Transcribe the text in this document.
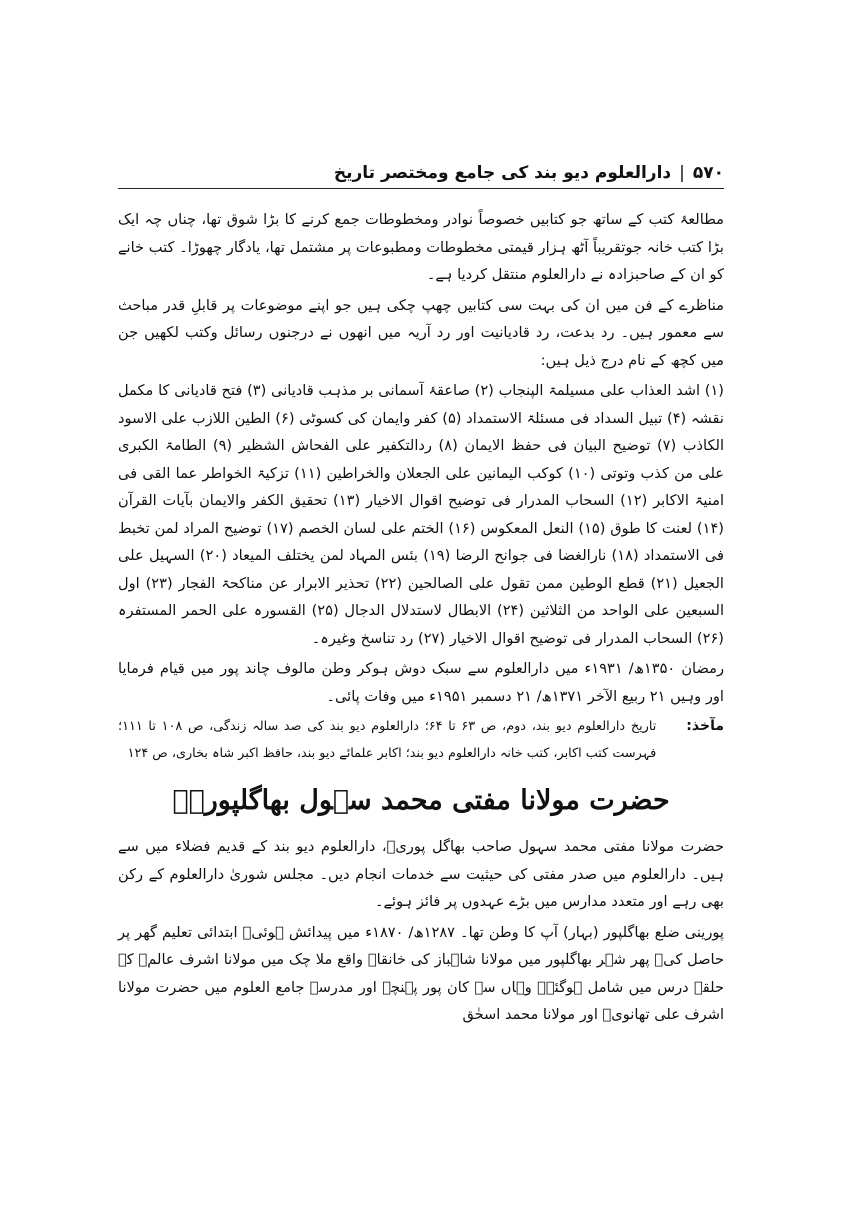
۵۷۰
|
دارالعلوم دیو بند کی جامع ومختصر تاریخ

مطالعۂ کتب کے ساتھ جو کتابیں خصوصاً نوادر ومخطوطات جمع کرنے کا بڑا شوق تھا، چناں چہ ایک بڑا کتب خانہ جوتقریباً آٹھ ہزار قیمتی مخطوطات ومطبوعات پر مشتمل تھا، یادگار چھوڑا۔ کتب خانے کو ان کے صاحبزادہ نے دارالعلوم منتقل کردیا ہے۔

مناظرے کے فن میں ان کی بہت سی کتابیں چھپ چکی ہیں جو اپنے موضوعات پر قابلِ قدر مباحث سے معمور ہیں۔ رد بدعت، رد قادیانیت اور رد آریہ میں انھوں نے درجنوں رسائل وکتب لکھیں جن میں کچھ کے نام درج ذیل ہیں:

(۱) اشد العذاب علی مسیلمۃ الپنجاب (۲) صاعقۂ آسمانی بر مذہب قادیانی (۳) فتح قادیانی کا مکمل نقشہ (۴) تبیل السداد فی مسئلۃ الاستمداد (۵) کفر وایمان کی کسوٹی (۶) الطین اللازب علی الاسود الکاذب (۷) توضیح البیان فی حفظ الایمان (۸) ردالتکفیر علی الفحاش الشظیر (۹) الطامۃ الکبری علی من کذب وتوتی (۱۰) کوکب الیمانین علی الجعلان والخراطین (۱۱) تزکیۃ الخواطر عما القی فی امنیۃ الاکابر (۱۲) السحاب المدرار فی توضیح اقوال الاخیار (۱۳) تحقیق الکفر والایمان بآیات القرآن (۱۴) لعنت کا طوق (۱۵) النعل المعکوس (۱۶) الختم علی لسان الخصم (۱۷) توضیح المراد لمن تخبط فی الاستمداد (۱۸) نارالغضا فی جوانح الرضا (۱۹) بئس المہاد لمن یختلف المیعاد (۲۰) السہیل علی الجعیل (۲۱) قطع الوطین ممن تقول علی الصالحین (۲۲) تحذیر الابرار عن مناکحۃ الفجار (۲۳) اول السبعین علی الواحد من الثلاثین (۲۴) الابطال لاستدلال الدجال (۲۵) القسورہ علی الحمر المستفرہ (۲۶) السحاب المدرار فی توضیح اقوال الاخیار (۲۷) رد تناسخ وغیرہ۔

رمضان ۱۳۵۰ھ/ ۱۹۳۱ء میں دارالعلوم سے سبک دوش ہوکر وطن مالوف چاند پور میں قیام فرمایا اور وہیں ۲۱ ربیع الآخر ۱۳۷۱ھ/ ۲۱ دسمبر ۱۹۵۱ء میں وفات پائی۔

مآخذ:
تاریخ دارالعلوم دیو بند، دوم، ص ۶۳ تا ۶۴؛ دارالعلوم دیو بند کی صد سالہ زندگی، ص ۱۰۸ تا ۱۱۱؛ فہرست کتب اکابر، کتب خانہ دارالعلوم دیو بند؛ اکابر علمائے دیو بند، حافظ اکبر شاہ بخاری، ص ۱۲۴
حضرت مولانا مفتی محمد سہول بھاگلپوریؒ

حضرت مولانا مفتی محمد سہول صاحب بھاگل پوریؒ، دارالعلوم دیو بند کے قدیم فضلاء میں سے ہیں۔ دارالعلوم میں صدر مفتی کی حیثیت سے خدمات انجام دیں۔ مجلس شوریٰ دارالعلوم کے رکن بھی رہے اور متعدد مدارس میں بڑے عہدوں پر فائز ہوئے۔

پورینی ضلع بھاگلپور (بہار) آپ کا وطن تھا۔ ۱۲۸۷ھ/ ۱۸۷۰ء میں پیدائش ہوئی۔ ابتدائی تعلیم گھر پر حاصل کی۔ پھر شہر بھاگلپور میں مولانا شاہباز کی خانقاہ واقع ملا چک میں مولانا اشرف عالمؒ کے حلقہ درس میں شامل ہوگئے۔ وہاں سے کان پور پہنچے اور مدرسہ جامع العلوم میں حضرت مولانا اشرف علی تھانویؒ اور مولانا محمد اسحٰق
